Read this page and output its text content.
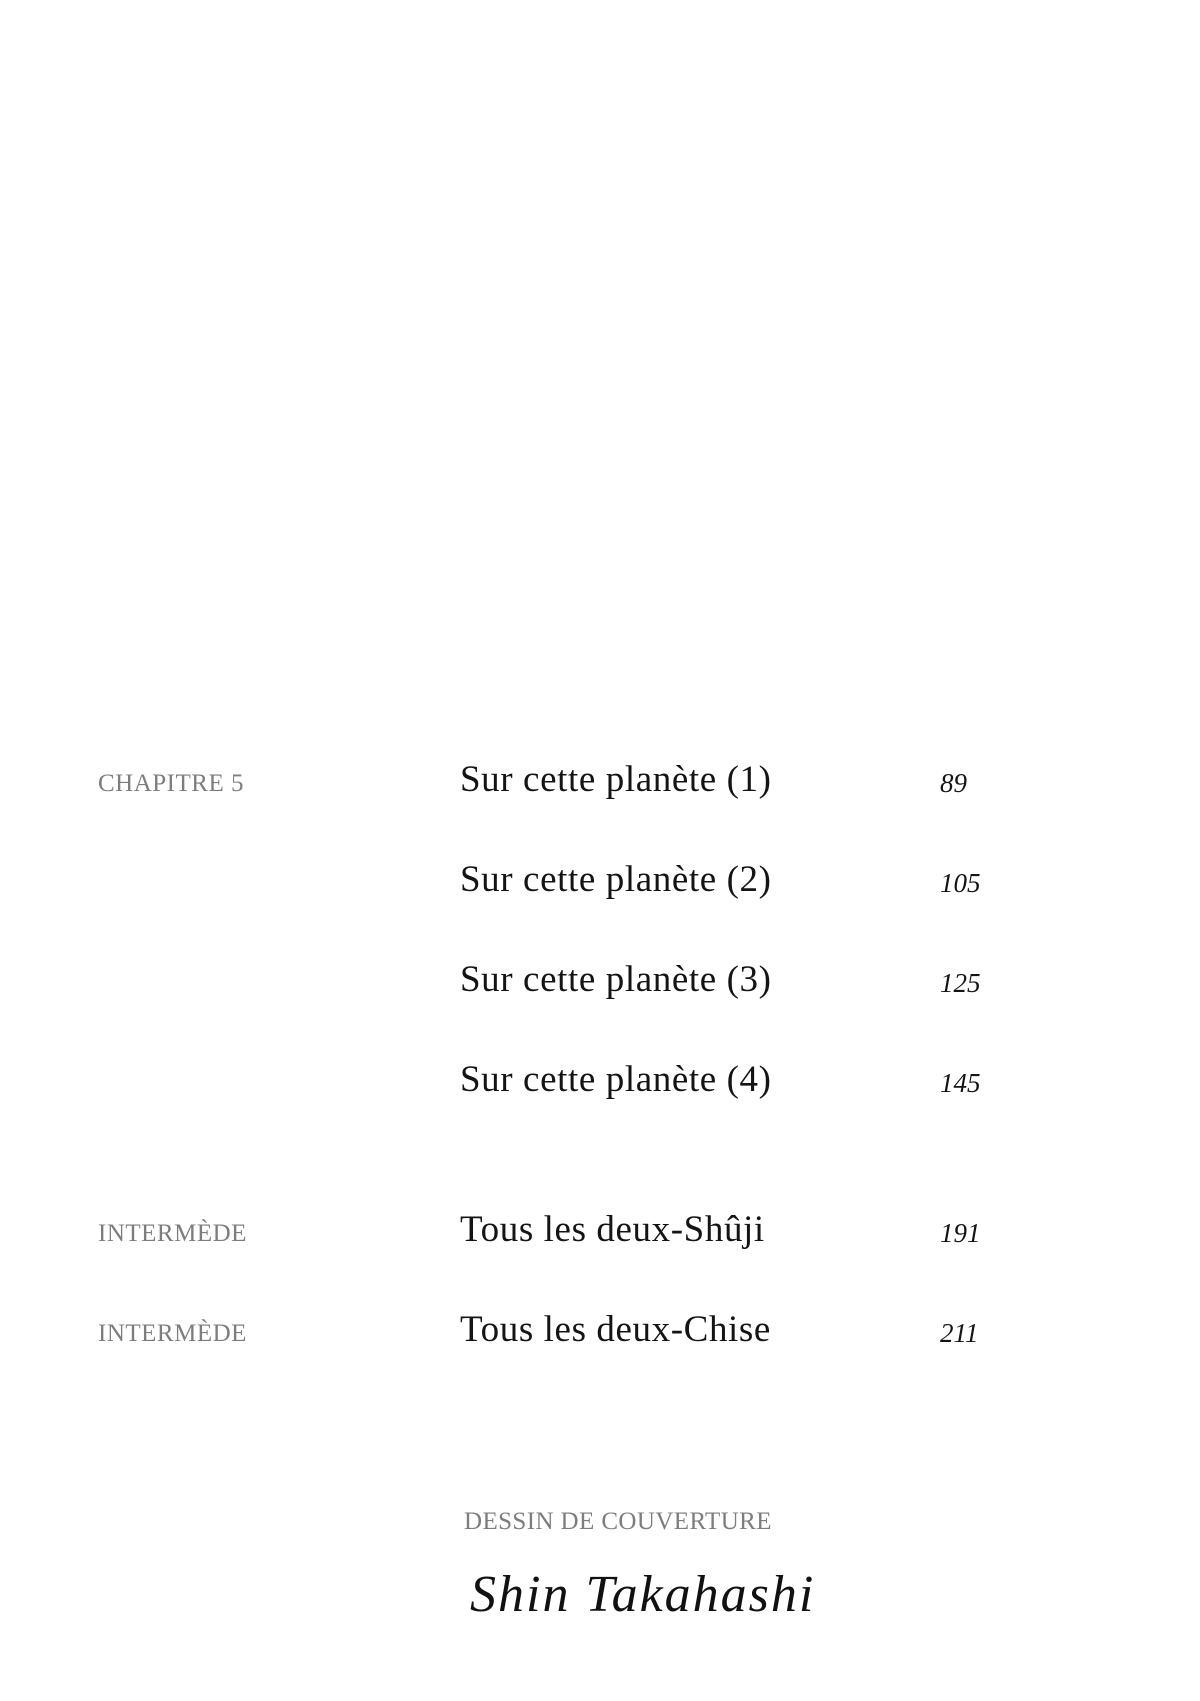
CHAPITRE 5	Sur cette planète (1)	89
Sur cette planète (2)	105
Sur cette planète (3)	125
Sur cette planète (4)	145
INTERMÈDE	Tous les deux-Shûji	191
INTERMÈDE	Tous les deux-Chise	211
DESSIN DE COUVERTURE
Shin Takahashi
